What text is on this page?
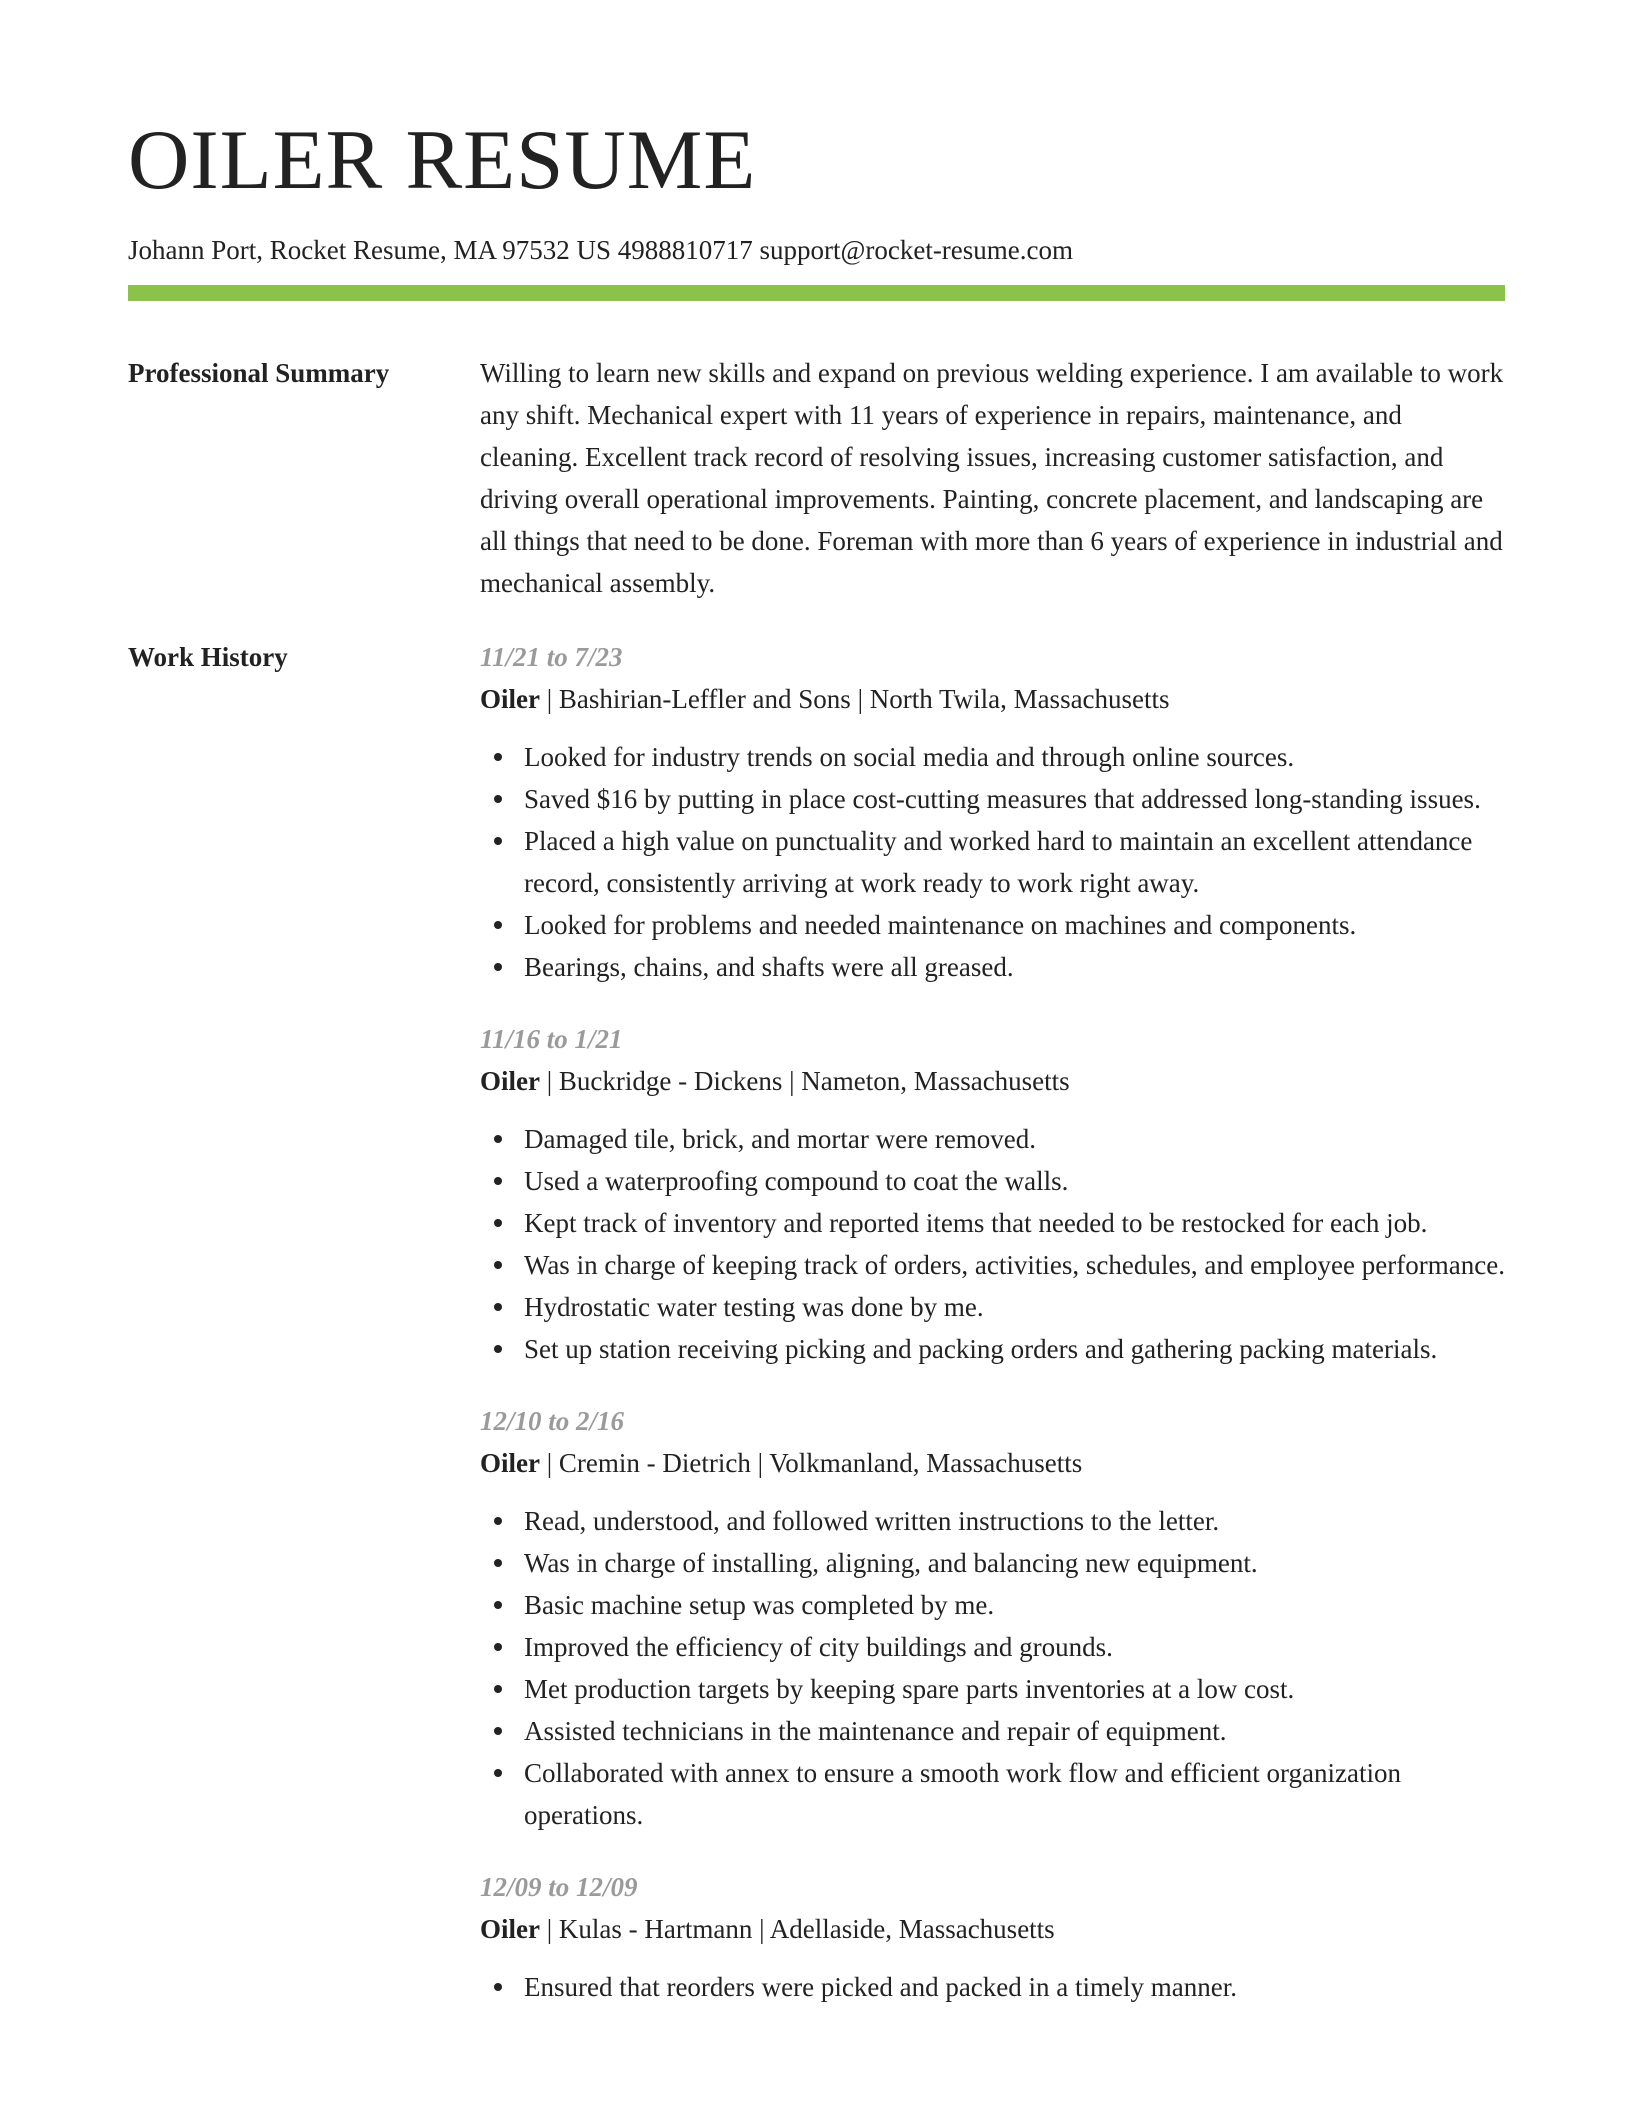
OILER RESUME
Johann Port, Rocket Resume, MA 97532 US 4988810717 support@rocket-resume.com
Professional Summary	Willing to learn new skills and expand on previous welding experience. I am available to work any shift. Mechanical expert with 11 years of experience in repairs, maintenance, and cleaning. Excellent track record of resolving issues, increasing customer satisfaction, and driving overall operational improvements. Painting, concrete placement, and landscaping are all things that need to be done. Foreman with more than 6 years of experience in industrial and mechanical assembly.

Work History	11/21 to 7/23
Oiler | Bashirian-Leffler and Sons | North Twila, Massachusetts
Looked for industry trends on social media and through online sources.
Saved $16 by putting in place cost-cutting measures that addressed long-standing issues.
Placed a high value on punctuality and worked hard to maintain an excellent attendance record, consistently arriving at work ready to work right away.
Looked for problems and needed maintenance on machines and components.
Bearings, chains, and shafts were all greased.
11/16 to 1/21
Oiler | Buckridge - Dickens | Nameton, Massachusetts
Damaged tile, brick, and mortar were removed.
Used a waterproofing compound to coat the walls.
Kept track of inventory and reported items that needed to be restocked for each job.
Was in charge of keeping track of orders, activities, schedules, and employee performance.
Hydrostatic water testing was done by me.
Set up station receiving picking and packing orders and gathering packing materials.
12/10 to 2/16
Oiler | Cremin - Dietrich | Volkmanland, Massachusetts
Read, understood, and followed written instructions to the letter.
Was in charge of installing, aligning, and balancing new equipment.
Basic machine setup was completed by me.
Improved the efficiency of city buildings and grounds.
Met production targets by keeping spare parts inventories at a low cost.
Assisted technicians in the maintenance and repair of equipment.
Collaborated with annex to ensure a smooth work flow and efficient organization operations.
12/09 to 12/09
Oiler | Kulas - Hartmann | Adellaside, Massachusetts
Ensured that reorders were picked and packed in a timely manner.
